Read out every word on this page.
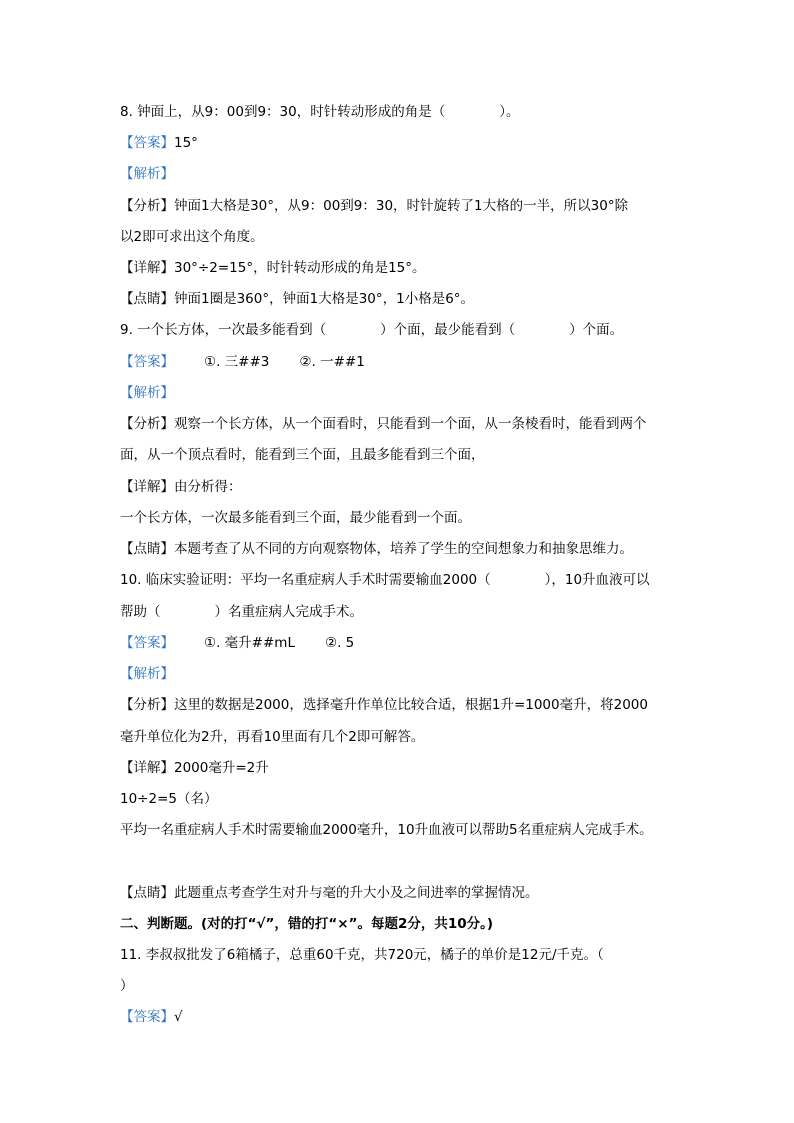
8. 钟面上，从9：00到9：30，时针转动形成的角是（　　　　）。
【答案】15°
【解析】
【分析】钟面1大格是30°，从9：00到9：30，时针旋转了1大格的一半，所以30°除
以2即可求出这个角度。
【详解】30°÷2=15°，时针转动形成的角是15°。
【点睛】钟面1圈是360°，钟面1大格是30°，1小格是6°。
9. 一个长方体，一次最多能看到（　　　　）个面，最少能看到（　　　　）个面。
【答案】 ①. 三##3 ②. 一##1
【解析】
【分析】观察一个长方体，从一个面看时，只能看到一个面，从一条棱看时，能看到两个
面，从一个顶点看时，能看到三个面，且最多能看到三个面，
【详解】由分析得：
一个长方体，一次最多能看到三个面，最少能看到一个面。
【点睛】本题考查了从不同的方向观察物体，培养了学生的空间想象力和抽象思维力。
10. 临床实验证明：平均一名重症病人手术时需要输血2000（　　　　），10升血液可以
帮助（　　　　）名重症病人完成手术。
【答案】 ①. 毫升##mL ②. 5
【解析】
【分析】这里的数据是2000，选择毫升作单位比较合适，根据1升=1000毫升，将2000
毫升单位化为2升，再看10里面有几个2即可解答。
【详解】2000毫升=2升
10÷2=5（名）
平均一名重症病人手术时需要输血2000毫升，10升血液可以帮助5名重症病人完成手术。
【点睛】此题重点考查学生对升与毫的升大小及之间进率的掌握情况。
二、判断题。(对的打“√”，错的打“×”。每题2分，共10分。)
11. 李叔叔批发了6箱橘子，总重60千克，共720元，橘子的单价是12元/千克。（
）
【答案】√
